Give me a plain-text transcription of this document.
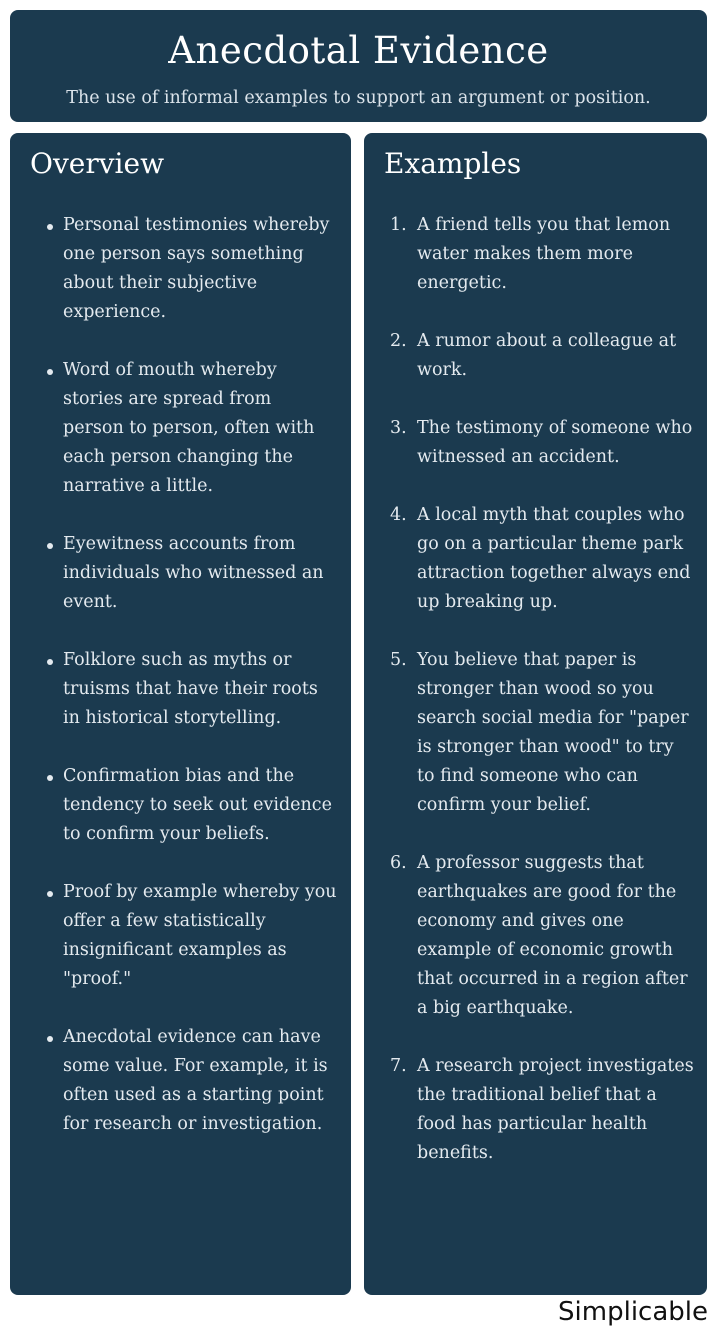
Anecdotal Evidence

The use of informal examples to support an argument or position.

Overview
Personal testimonies whereby one person says something about their subjective experience.
Word of mouth whereby stories are spread from person to person, often with each person changing the narrative a little.
Eyewitness accounts from individuals who witnessed an event.
Folklore such as myths or truisms that have their roots in historical storytelling.
Confirmation bias and the tendency to seek out evidence to confirm your beliefs.
Proof by example whereby you offer a few statistically insignificant examples as "proof."
Anecdotal evidence can have some value. For example, it is often used as a starting point for research or investigation.
Examples
1. A friend tells you that lemon water makes them more energetic.
2. A rumor about a colleague at work.
3. The testimony of someone who witnessed an accident.
4. A local myth that couples who go on a particular theme park attraction together always end up breaking up.
5. You believe that paper is stronger than wood so you search social media for "paper is stronger than wood" to try to find someone who can confirm your belief.
6. A professor suggests that earthquakes are good for the economy and gives one example of economic growth that occurred in a region after a big earthquake.
7. A research project investigates the traditional belief that a food has particular health benefits.
Simplicable
